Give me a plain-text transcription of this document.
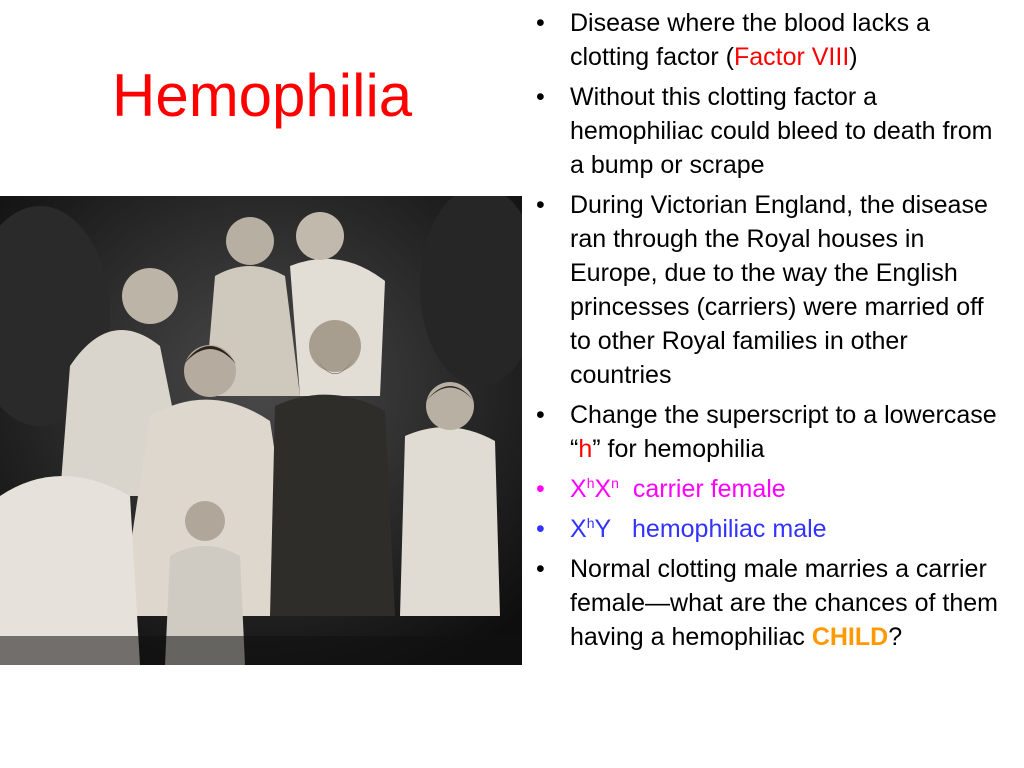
Hemophilia
• Disease where the blood lacks a clotting factor (Factor VIII)
• Without this clotting factor a hemophiliac could bleed to death from a bump or scrape
• During Victorian England, the disease ran through the Royal houses in Europe, due to the way the English princesses (carriers) were married off to other Royal families in other countries
• Change the superscript to a lowercase “h” for hemophilia
• $X^hX^n$ carrier female
• $X^hY$ hemophiliac male
• Normal clotting male marries a carrier female—what are the chances of them having a hemophiliac CHILD?
